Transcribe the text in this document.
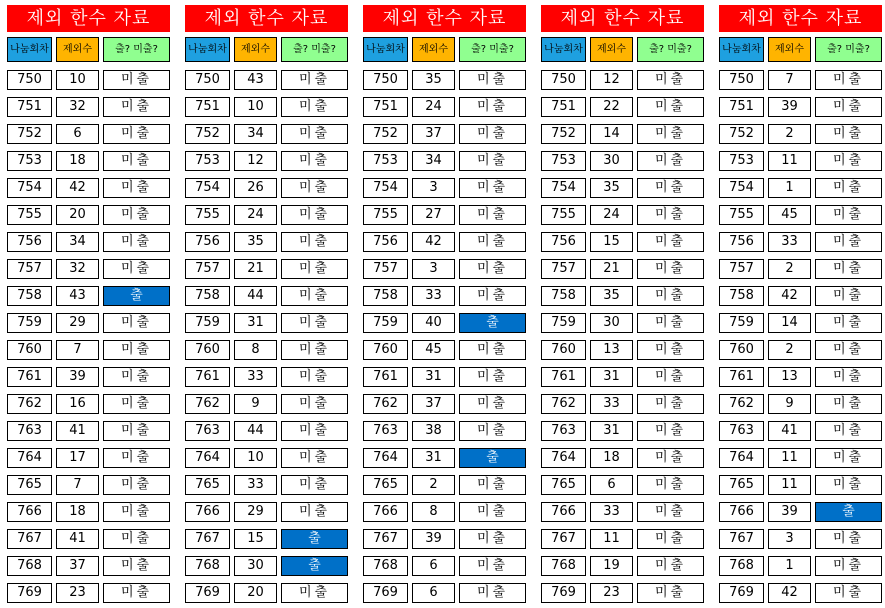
제외 한수 자료
나눔회차	제외수	출? 미출?
750	10	미출
751	32	미출
752	6	미출
753	18	미출
754	42	미출
755	20	미출
756	34	미출
757	32	미출
758	43	출
759	29	미출
760	7	미출
761	39	미출
762	16	미출
763	41	미출
764	17	미출
765	7	미출
766	18	미출
767	41	미출
768	37	미출
769	23	미출
제외 한수 자료
나눔회차	제외수	출? 미출?
750	43	미출
751	10	미출
752	34	미출
753	12	미출
754	26	미출
755	24	미출
756	35	미출
757	21	미출
758	44	미출
759	31	미출
760	8	미출
761	33	미출
762	9	미출
763	44	미출
764	10	미출
765	33	미출
766	29	미출
767	15	출
768	30	출
769	20	미출
제외 한수 자료
나눔회차	제외수	출? 미출?
750	35	미출
751	24	미출
752	37	미출
753	34	미출
754	3	미출
755	27	미출
756	42	미출
757	3	미출
758	33	미출
759	40	출
760	45	미출
761	31	미출
762	37	미출
763	38	미출
764	31	출
765	2	미출
766	8	미출
767	39	미출
768	6	미출
769	6	미출
제외 한수 자료
나눔회차	제외수	출? 미출?
750	12	미출
751	22	미출
752	14	미출
753	30	미출
754	35	미출
755	24	미출
756	15	미출
757	21	미출
758	35	미출
759	30	미출
760	13	미출
761	31	미출
762	33	미출
763	31	미출
764	18	미출
765	6	미출
766	33	미출
767	11	미출
768	19	미출
769	23	미출
제외 한수 자료
나눔회차	제외수	출? 미출?
750	7	미출
751	39	미출
752	2	미출
753	11	미출
754	1	미출
755	45	미출
756	33	미출
757	2	미출
758	42	미출
759	14	미출
760	2	미출
761	13	미출
762	9	미출
763	41	미출
764	11	미출
765	11	미출
766	39	출
767	3	미출
768	1	미출
769	42	미출
